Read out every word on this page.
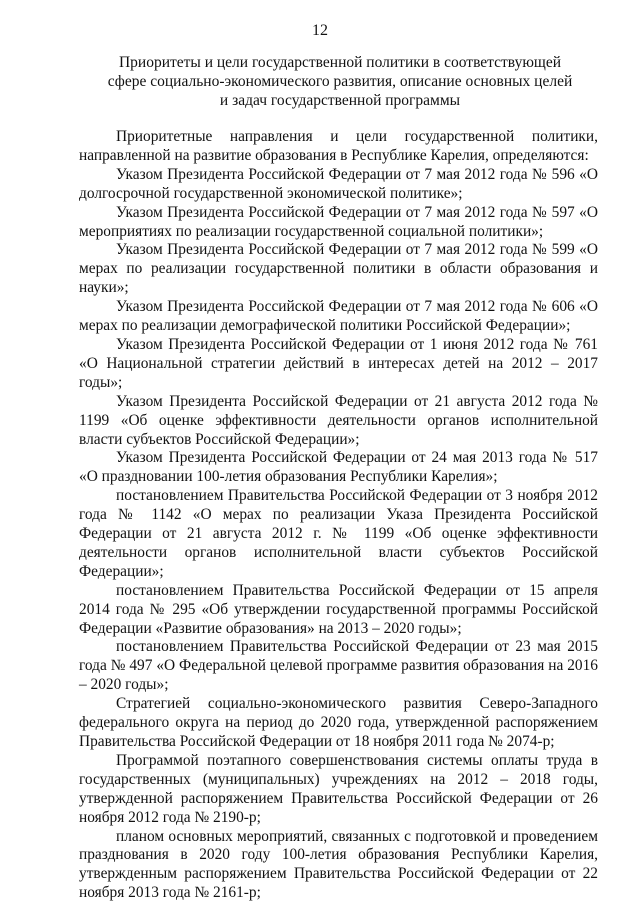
12
Приоритеты и цели государственной политики в соответствующей
сфере социально-экономического развития, описание основных целей
и задач государственной программы

Приоритетные направления и цели государственной политики, направленной на развитие образования в Республике Карелия, определяются:

Указом Президента Российской Федерации от 7 мая 2012 года № 596 «О долгосрочной государственной экономической политике»;

Указом Президента Российской Федерации от 7 мая 2012 года № 597 «О мероприятиях по реализации государственной социальной политики»;

Указом Президента Российской Федерации от 7 мая 2012 года № 599 «О мерах по реализации государственной политики в области образования и науки»;

Указом Президента Российской Федерации от 7 мая 2012 года № 606 «О мерах по реализации демографической политики Российской Федерации»;

Указом Президента Российской Федерации от 1 июня 2012 года № 761 «О Национальной стратегии действий в интересах детей на 2012 – 2017 годы»;

Указом Президента Российской Федерации от 21 августа 2012 года № 1199 «Об оценке эффективности деятельности органов исполнительной власти субъектов Российской Федерации»;

Указом Президента Российской Федерации от 24 мая 2013 года № 517 «О праздновании 100-летия образования Республики Карелия»;

постановлением Правительства Российской Федерации от 3 ноября 2012 года № 1142 «О мерах по реализации Указа Президента Российской Федерации от 21 августа 2012 г. № 1199 «Об оценке эффективности деятельности органов исполнительной власти субъектов Российской Федерации»;

постановлением Правительства Российской Федерации от 15 апреля 2014 года № 295 «Об утверждении государственной программы Российской Федерации «Развитие образования» на 2013 – 2020 годы»;

постановлением Правительства Российской Федерации от 23 мая 2015 года № 497 «О Федеральной целевой программе развития образования на 2016 – 2020 годы»;

Стратегией социально-экономического развития Северо-Западного федерального округа на период до 2020 года, утвержденной распоряжением Правительства Российской Федерации от 18 ноября 2011 года № 2074-р;

Программой поэтапного совершенствования системы оплаты труда в государственных (муниципальных) учреждениях на 2012 – 2018 годы, утвержденной распоряжением Правительства Российской Федерации от 26 ноября 2012 года № 2190-р;

планом основных мероприятий, связанных с подготовкой и проведением празднования в 2020 году 100-летия образования Республики Карелия, утвержденным распоряжением Правительства Российской Федерации от 22 ноября 2013 года № 2161-р;
